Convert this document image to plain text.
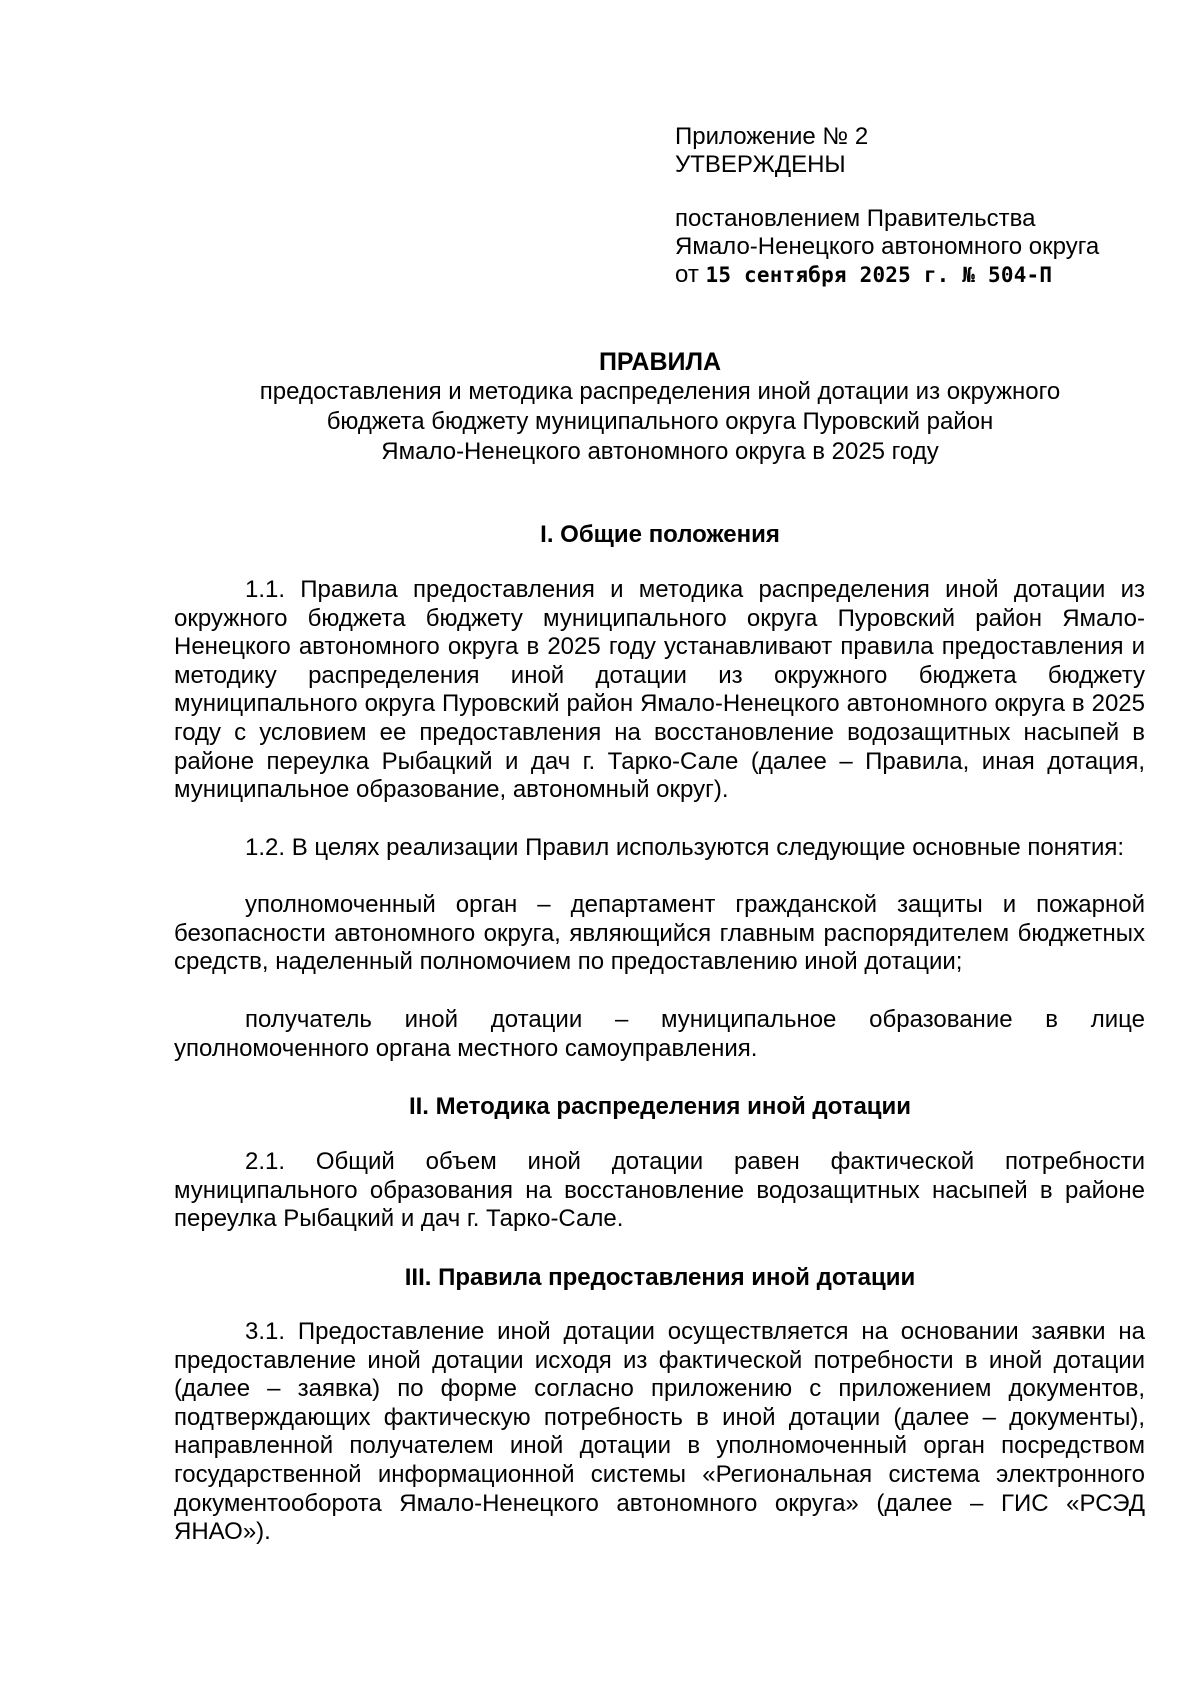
Приложение № 2
УТВЕРЖДЕНЫ
постановлением Правительства
Ямало-Ненецкого автономного округа
от 15 сентября 2025 г. № 504-П
ПРАВИЛА
предоставления и методика распределения иной дотации из окружного
бюджета бюджету муниципального округа Пуровский район
Ямало-Ненецкого автономного округа в 2025 году
I. Общие положения

1.1. Правила предоставления и методика распределения иной дотации из окружного бюджета бюджету муниципального округа Пуровский район Ямало-Ненецкого автономного округа в 2025 году устанавливают правила предоставления и методику распределения иной дотации из окружного бюджета бюджету муниципального округа Пуровский район Ямало-Ненецкого автономного округа в 2025 году с условием ее предоставления на восстановление водозащитных насыпей в районе переулка Рыбацкий и дач г. Тарко-Сале (далее – Правила, иная дотация, муниципальное образование, автономный округ).

1.2. В целях реализации Правил используются следующие основные понятия:

уполномоченный орган – департамент гражданской защиты и пожарной безопасности автономного округа, являющийся главным распорядителем бюджетных средств, наделенный полномочием по предоставлению иной дотации;

получатель иной дотации – муниципальное образование в лице уполномоченного органа местного самоуправления.

II. Методика распределения иной дотации

2.1. Общий объем иной дотации равен фактической потребности муниципального образования на восстановление водозащитных насыпей в районе переулка Рыбацкий и дач г. Тарко-Сале.

III. Правила предоставления иной дотации

3.1. Предоставление иной дотации осуществляется на основании заявки на предоставление иной дотации исходя из фактической потребности в иной дотации (далее – заявка) по форме согласно приложению с приложением документов, подтверждающих фактическую потребность в иной дотации (далее – документы), направленной получателем иной дотации в уполномоченный орган посредством государственной информационной системы «Региональная система электронного документооборота Ямало-Ненецкого автономного округа» (далее – ГИС «РСЭД ЯНАО»).
